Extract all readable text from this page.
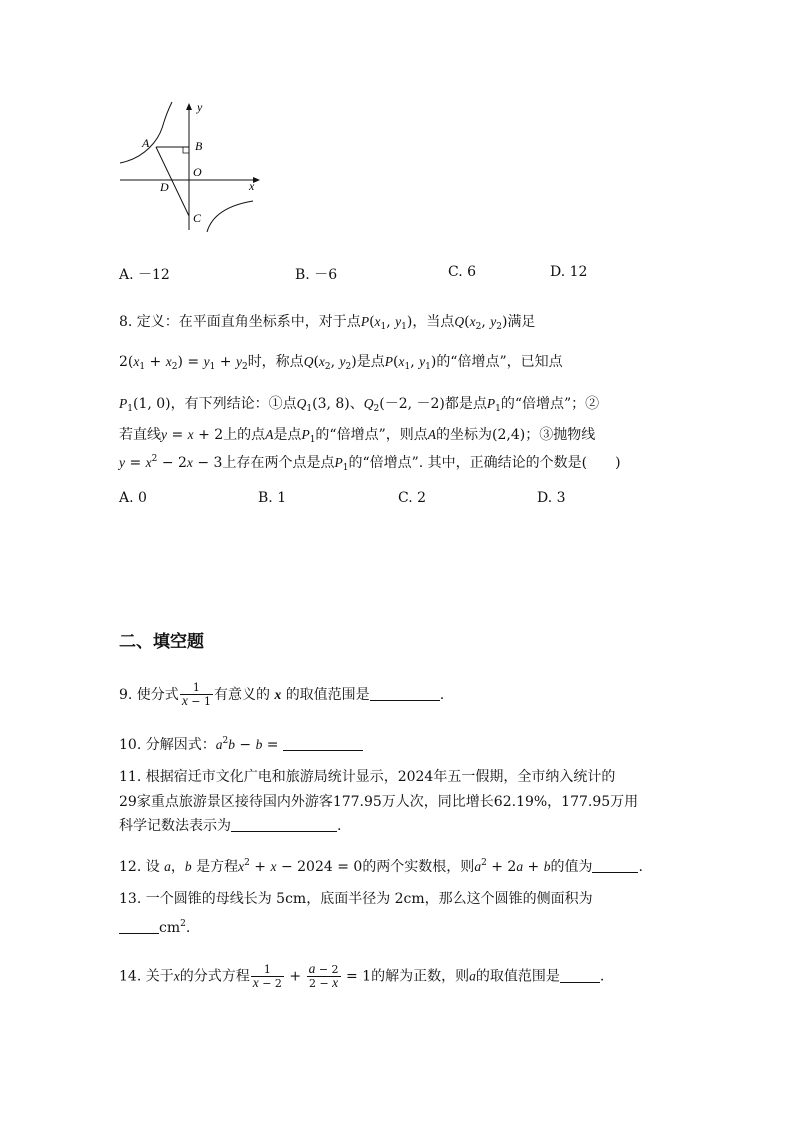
y
x
A	B
O
D
C
A. －12	B. －6	C. 6	D. 12
8. 定义：在平面直角坐标系中，对于点$P(x_1$, $y_1$)，当点$Q(x_2$, $y_2$)满足
$2(x_1 + x_2) = y_1 + y_2$时，称点$Q(x_2$, $y_2$)是点$P(x_1$, $y_1$)的“倍增点”，已知点
$P_1(1$, 0)，有下列结论：①点$Q_1(3$, 8)、$Q_2(-2$, －2)都是点$P_1$的“倍增点”；②
若直线y = x + 2上的点A是点$P_1$的“倍增点”，则点A的坐标为(2,4)；③抛物线
$y = x^2 - 2x - 3$上存在两个点是点$P_1$的“倍增点”. 其中，正确结论的个数是(　　)
A. 0	B. 1	C. 2	D. 3
二、填空题
9. 使分式 $\frac{1}{x - 1}$ 有意义的 x 的取值范围是	.
10. 分解因式：$a^2b - b$ =
11. 根据宿迁市文化广电和旅游局统计显示，2024年五一假期，全市纳入统计的
29家重点旅游景区接待国内外游客177.95万人次，同比增长62.19%，177.95万用
科学记数法表示为	.
12. 设 a，b 是方程$x^2 + x - 2024 = 0$的两个实数根，则$a^2 + 2a + b$的值为	.
13. 一个圆锥的母线长为 5cm，底面半径为 2cm，那么这个圆锥的侧面积为
$cm^2$.
14. 关于x的分式方程 $\frac{1}{x - 2} + \frac{a - 2}{2 - x} = 1$的解为正数，则a的取值范围是	.
